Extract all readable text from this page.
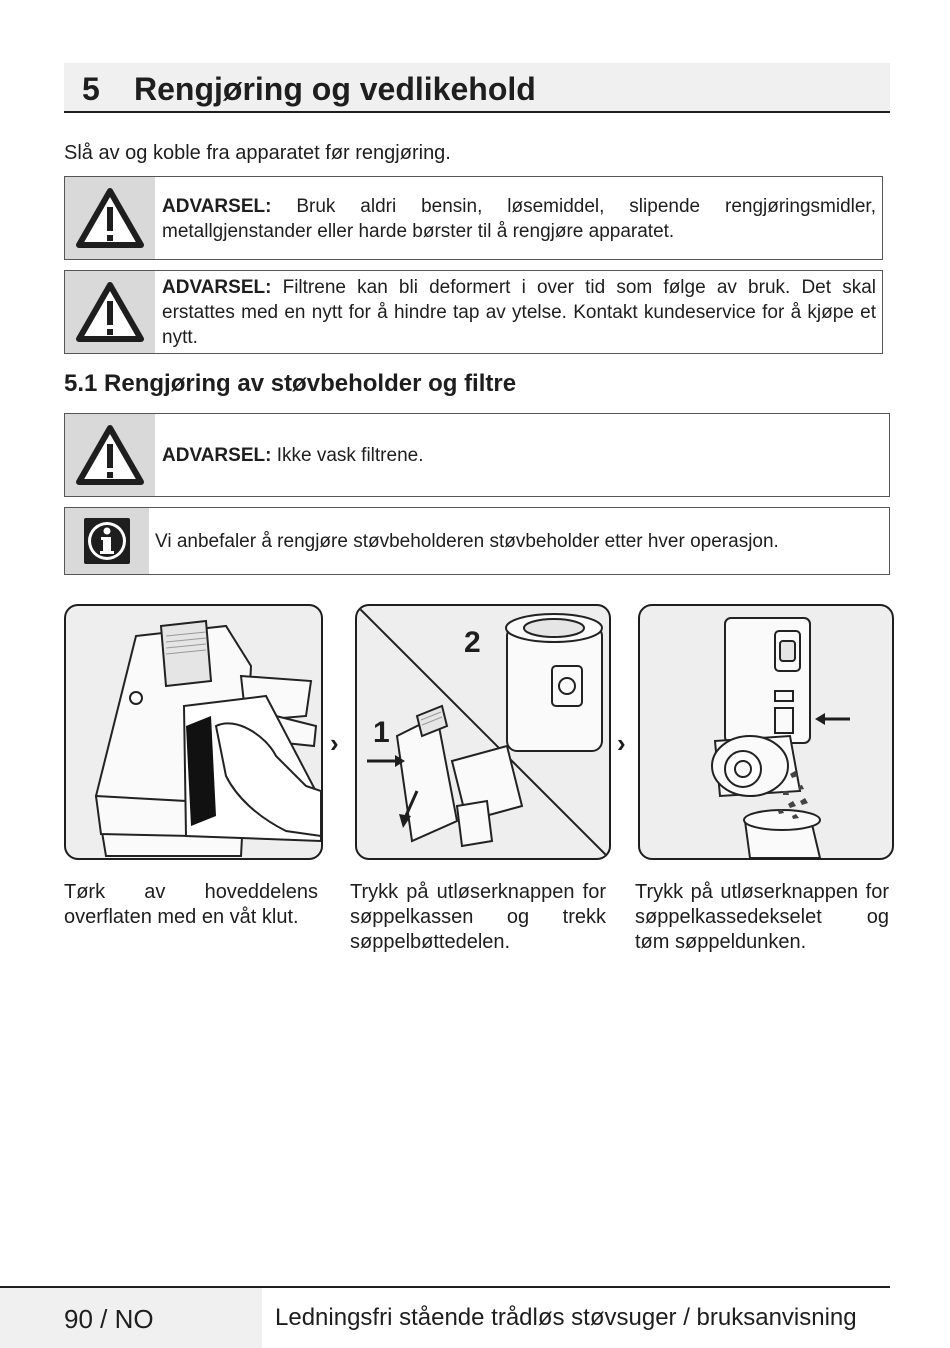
5 Rengjøring og vedlikehold
Slå av og koble fra apparatet før rengjøring.
ADVARSEL: Bruk aldri bensin, løsemiddel, slipende rengjøringsmidler, metallgjenstander eller harde børster til å rengjøre apparatet.
ADVARSEL: Filtrene kan bli deformert i over tid som følge av bruk. Det skal erstattes med en nytt for å hindre tap av ytelse. Kontakt kundeservice for å kjøpe et nytt.
5.1 Rengjøring av støvbeholder og filtre
ADVARSEL: Ikke vask filtrene.
Vi anbefaler å rengjøre støvbeholderen støvbeholder etter hver operasjon.
›
2
1	›
Tørk av hoveddelens overflaten med en våt klut.
Trykk på utløserknappen for søppelkassen og trekk søppelbøttedelen.
Trykk på utløserknappen for søppelkassedekselet og tøm søppeldunken.
90 / NO	Ledningsfri stående trådløs støvsuger / bruksanvisning
